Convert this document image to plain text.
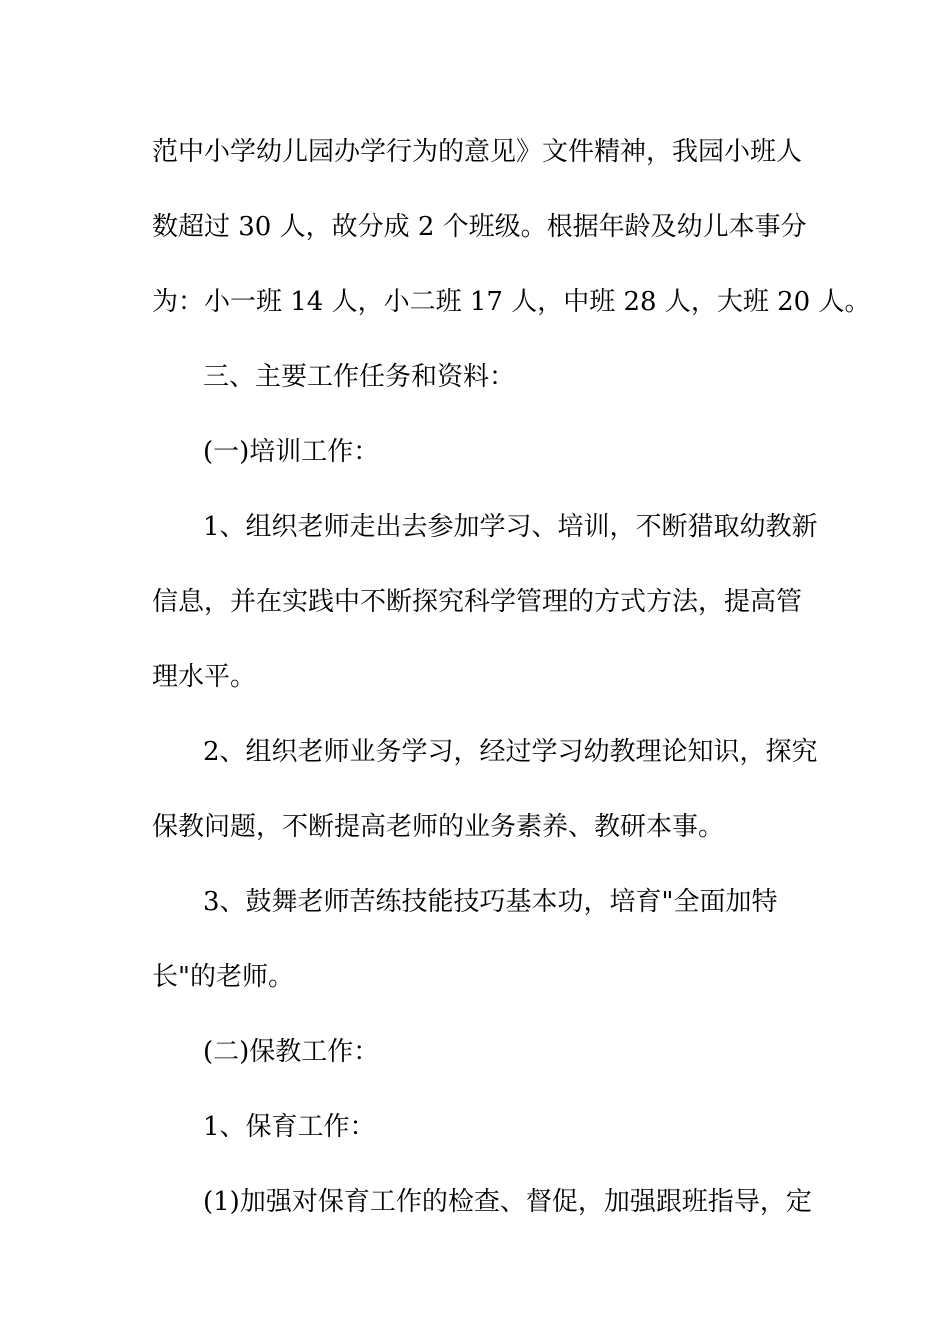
范中小学幼儿园办学行为的意见》文件精神，我园小班人

数超过 30 人，故分成 2 个班级。根据年龄及幼儿本事分

为：小一班 14 人，小二班 17 人，中班 28 人，大班 20 人。

三、主要工作任务和资料：

(一)培训工作：

1、组织老师走出去参加学习、培训，不断猎取幼教新

信息，并在实践中不断探究科学管理的方式方法，提高管

理水平。

2、组织老师业务学习，经过学习幼教理论知识，探究

保教问题，不断提高老师的业务素养、教研本事。

3、鼓舞老师苦练技能技巧基本功，培育"全面加特

长"的老师。

(二)保教工作：

1、保育工作：

(1)加强对保育工作的检查、督促，加强跟班指导，定
